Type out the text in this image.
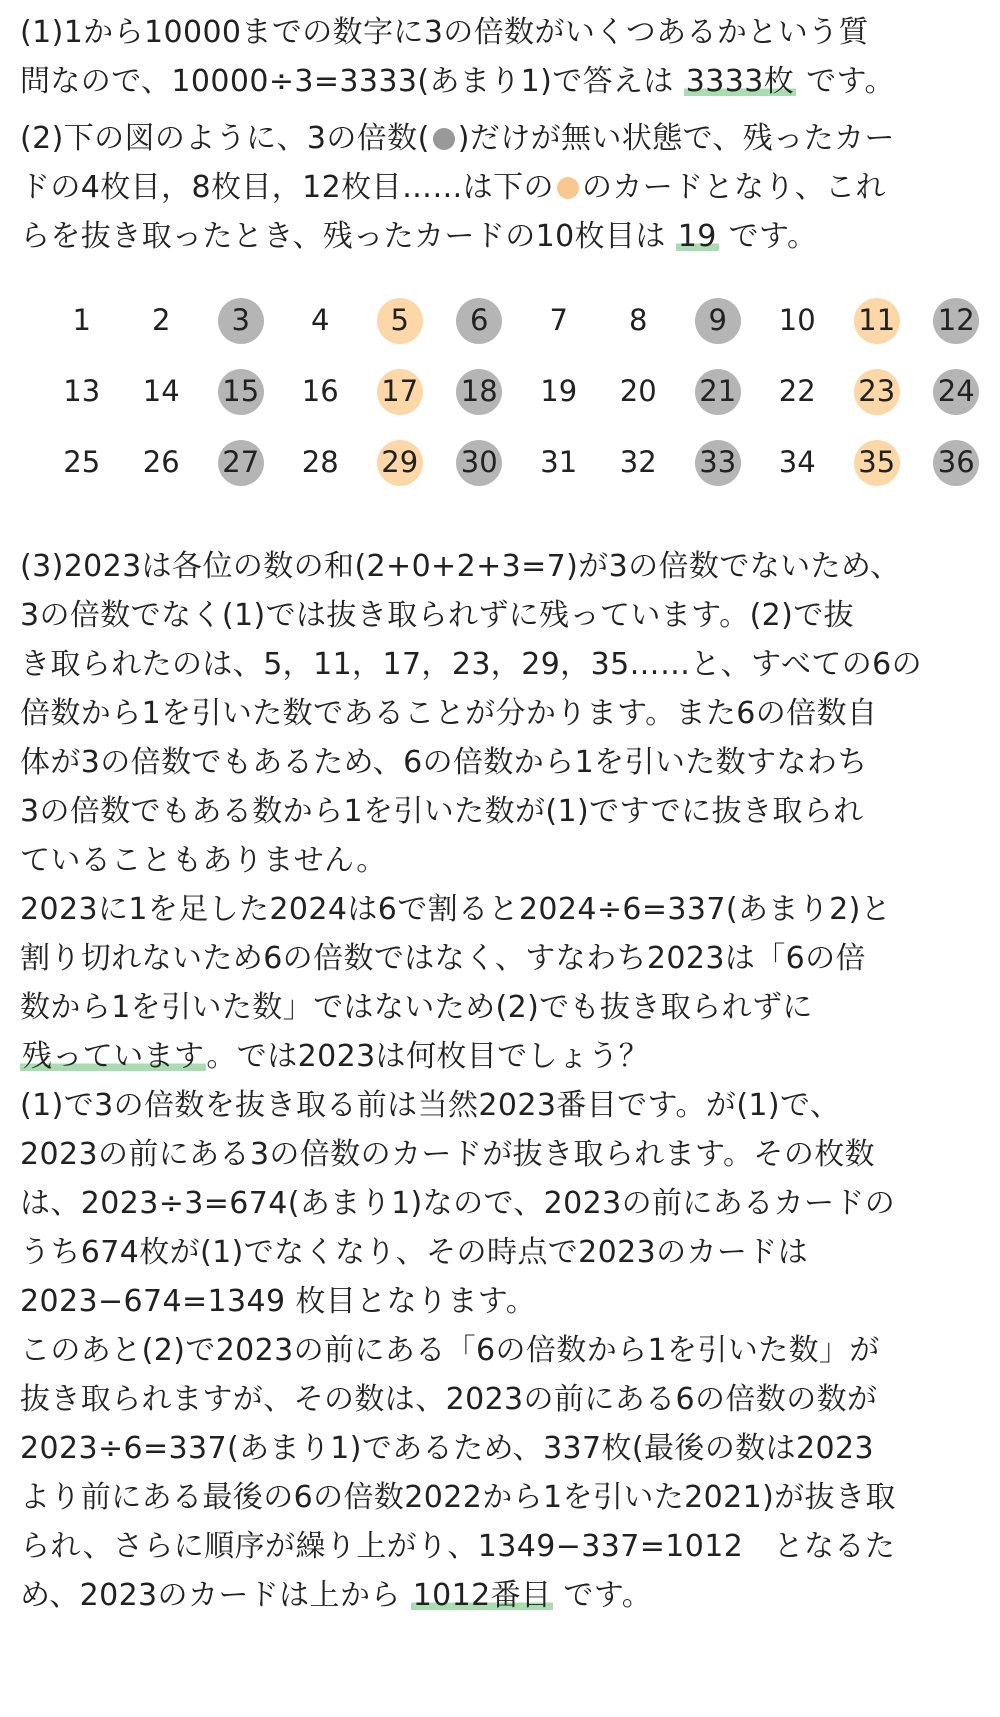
(1)1から10000までの数字に3の倍数がいくつあるかという質
問なので、10000÷3=3333(あまり1)で答えは 3333枚 です。

(2)下の図のように、3の倍数( )だけが無い状態で、残ったカー
ドの4枚目，8枚目，12枚目……は下の のカードとなり、これ
らを抜き取ったとき、残ったカードの10枚目は 19 です。

1	2	3	4	5	6	7	8	9	10 11 12
13 14 15 16 17 18 19 20 21 22 23 24
25 26 27 28 29 30 31 32 33 34 35 36

(3)2023は各位の数の和(2+0+2+3=7)が3の倍数でないため、
3の倍数でなく(1)では抜き取られずに残っています。(2)で抜
き取られたのは、5，11，17，23，29，35……と、すべての6の
倍数から1を引いた数であることが分かります。また6の倍数自
体が3の倍数でもあるため、6の倍数から1を引いた数すなわち
3の倍数でもある数から1を引いた数が(1)ですでに抜き取られ
ていることもありません。
2023に1を足した2024は6で割ると2024÷6=337(あまり2)と
割り切れないため6の倍数ではなく、すなわち2023は「6の倍
数から1を引いた数」ではないため(2)でも抜き取られずに
残っています。では2023は何枚目でしょう？
(1)で3の倍数を抜き取る前は当然2023番目です。が(1)で、
2023の前にある3の倍数のカードが抜き取られます。その枚数
は、2023÷3=674(あまり1)なので、2023の前にあるカードの
うち674枚が(1)でなくなり、その時点で2023のカードは
2023−674=1349 枚目となります。
このあと(2)で2023の前にある「6の倍数から1を引いた数」が
抜き取られますが、その数は、2023の前にある6の倍数の数が
2023÷6=337(あまり1)であるため、337枚(最後の数は2023
より前にある最後の6の倍数2022から1を引いた2021)が抜き取
られ、さらに順序が繰り上がり、1349−337=1012　となるた
め、2023のカードは上から 1012番目 です。
